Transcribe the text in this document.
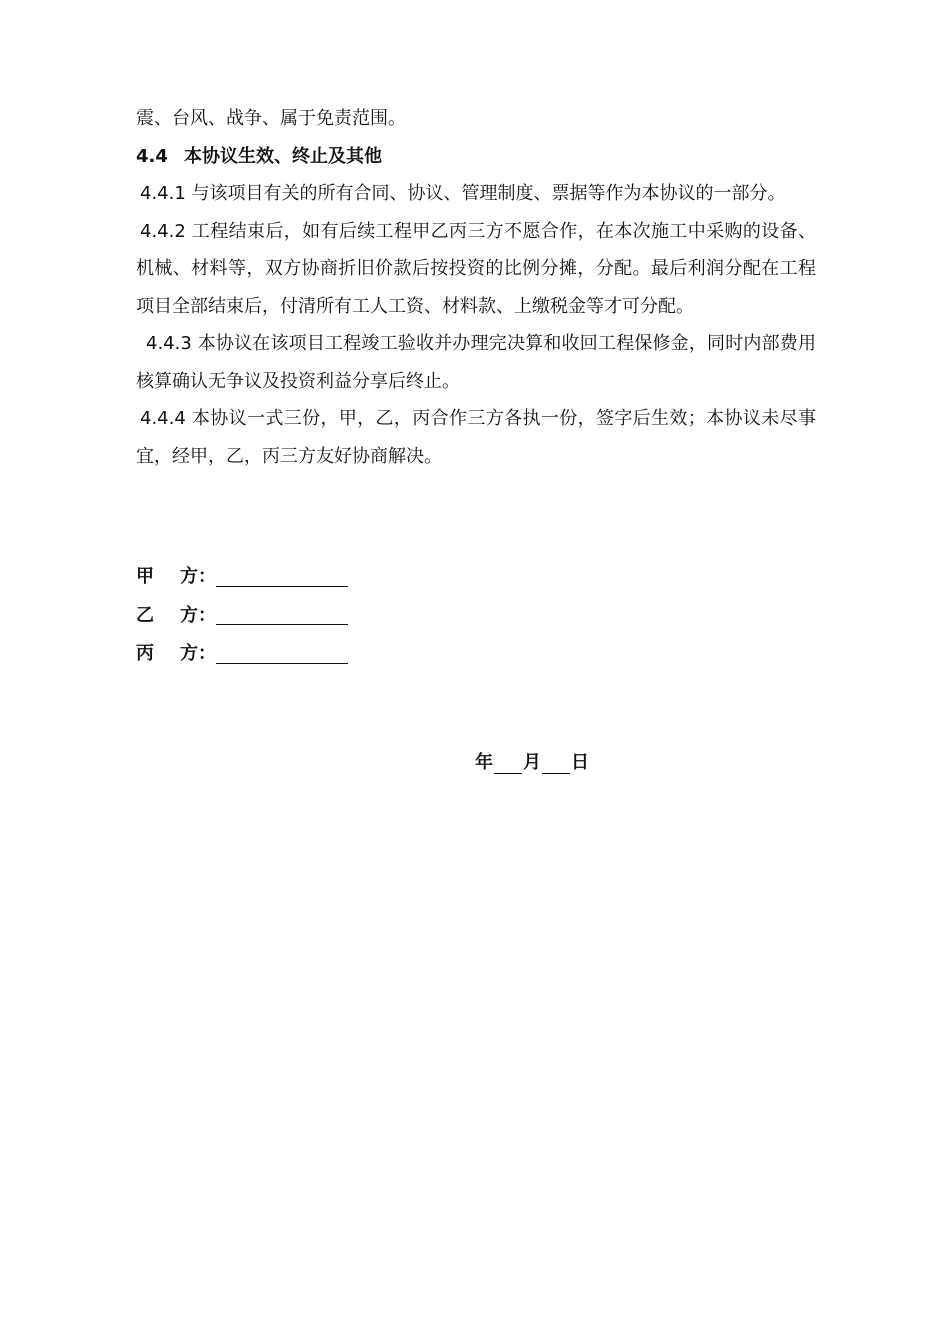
震、台风、战争、属于免责范围。

4.4 本协议生效、终止及其他

4.4.1 与该项目有关的所有合同、协议、管理制度、票据等作为本协议的一部分。

4.4.2 工程结束后，如有后续工程甲乙丙三方不愿合作，在本次施工中采购的设备、机械、材料等，双方协商折旧价款后按投资的比例分摊，分配。最后利润分配在工程项目全部结束后，付清所有工人工资、材料款、上缴税金等才可分配。

4.4.3 本协议在该项目工程竣工验收并办理完决算和收回工程保修金，同时内部费用核算确认无争议及投资利益分享后终止。

4.4.4 本协议一式三份，甲，乙，丙合作三方各执一份，签字后生效；本协议未尽事宜，经甲，乙，丙三方友好协商解决。

甲 方：
乙 方：
丙 方：
年 月 日
